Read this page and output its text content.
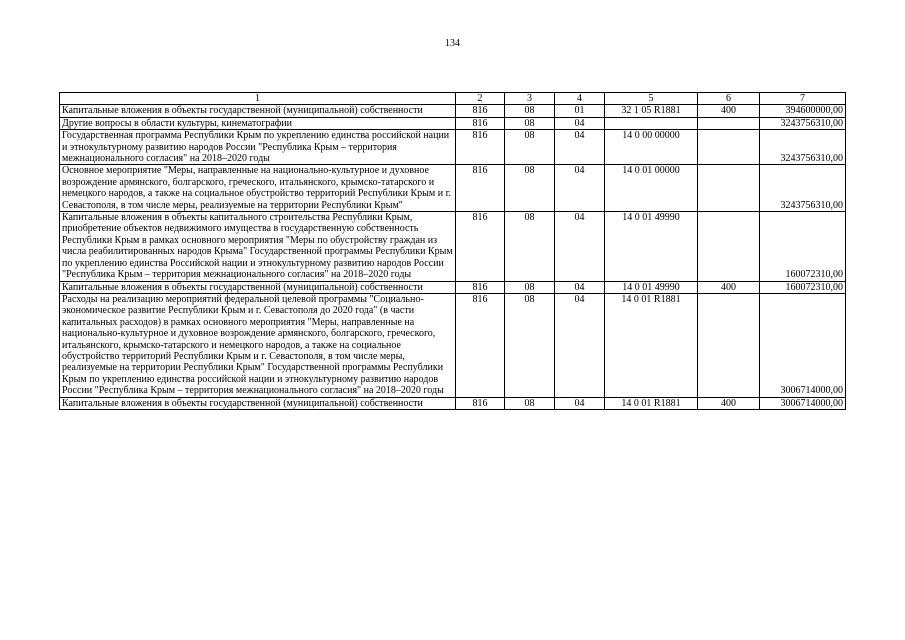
134
1	2	3	4	5	6	7
Капитальные вложения в объекты государственной (муниципальной) собственности	816	08	01	32 1 05 R1881	400	394600000,00
Другие вопросы в области культуры, кинематографии	816	08	04			3243756310,00
Государственная программа Республики Крым по укреплению единства российской нации и этнокультурному развитию народов России "Республика Крым – территория межнационального согласия" на 2018–2020 годы	816	08	04	14 0 00 00000		3243756310,00
Основное мероприятие "Меры, направленные на национально-культурное и духовное возрождение армянского, болгарского, греческого, итальянского, крымско-татарского и немецкого народов, а также на социальное обустройство территорий Республики Крым и г. Севастополя, в том числе меры, реализуемые на территории Республики Крым"	816	08	04	14 0 01 00000		3243756310,00
Капитальные вложения в объекты капитального строительства Республики Крым, приобретение объектов недвижимого имущества в государственную собственность Республики Крым в рамках основного мероприятия "Меры по обустройству граждан из числа реабилитированных народов Крыма" Государственной программы Республики Крым по укреплению единства Российской нации и этнокультурному развитию народов России "Республика Крым – территория межнационального согласия" на 2018–2020 годы	816	08	04	14 0 01 49990		160072310,00
Капитальные вложения в объекты государственной (муниципальной) собственности	816	08	04	14 0 01 49990	400	160072310,00
Расходы на реализацию мероприятий федеральной целевой программы "Социально-экономическое развитие Республики Крым и г. Севастополя до 2020 года" (в части капитальных расходов) в рамках основного мероприятия "Меры, направленные на национально-культурное и духовное возрождение армянского, болгарского, греческого, итальянского, крымско-татарского и немецкого народов, а также на социальное обустройство территорий Республики Крым и г. Севастополя, в том числе меры, реализуемые на территории Республики Крым" Государственной программы Республики Крым по укреплению единства российской нации и этнокультурному развитию народов России "Республика Крым – территория межнационального согласия" на 2018–2020 годы	816	08	04	14 0 01 R1881		3006714000,00
Капитальные вложения в объекты государственной (муниципальной) собственности	816	08	04	14 0 01 R1881	400	3006714000,00
